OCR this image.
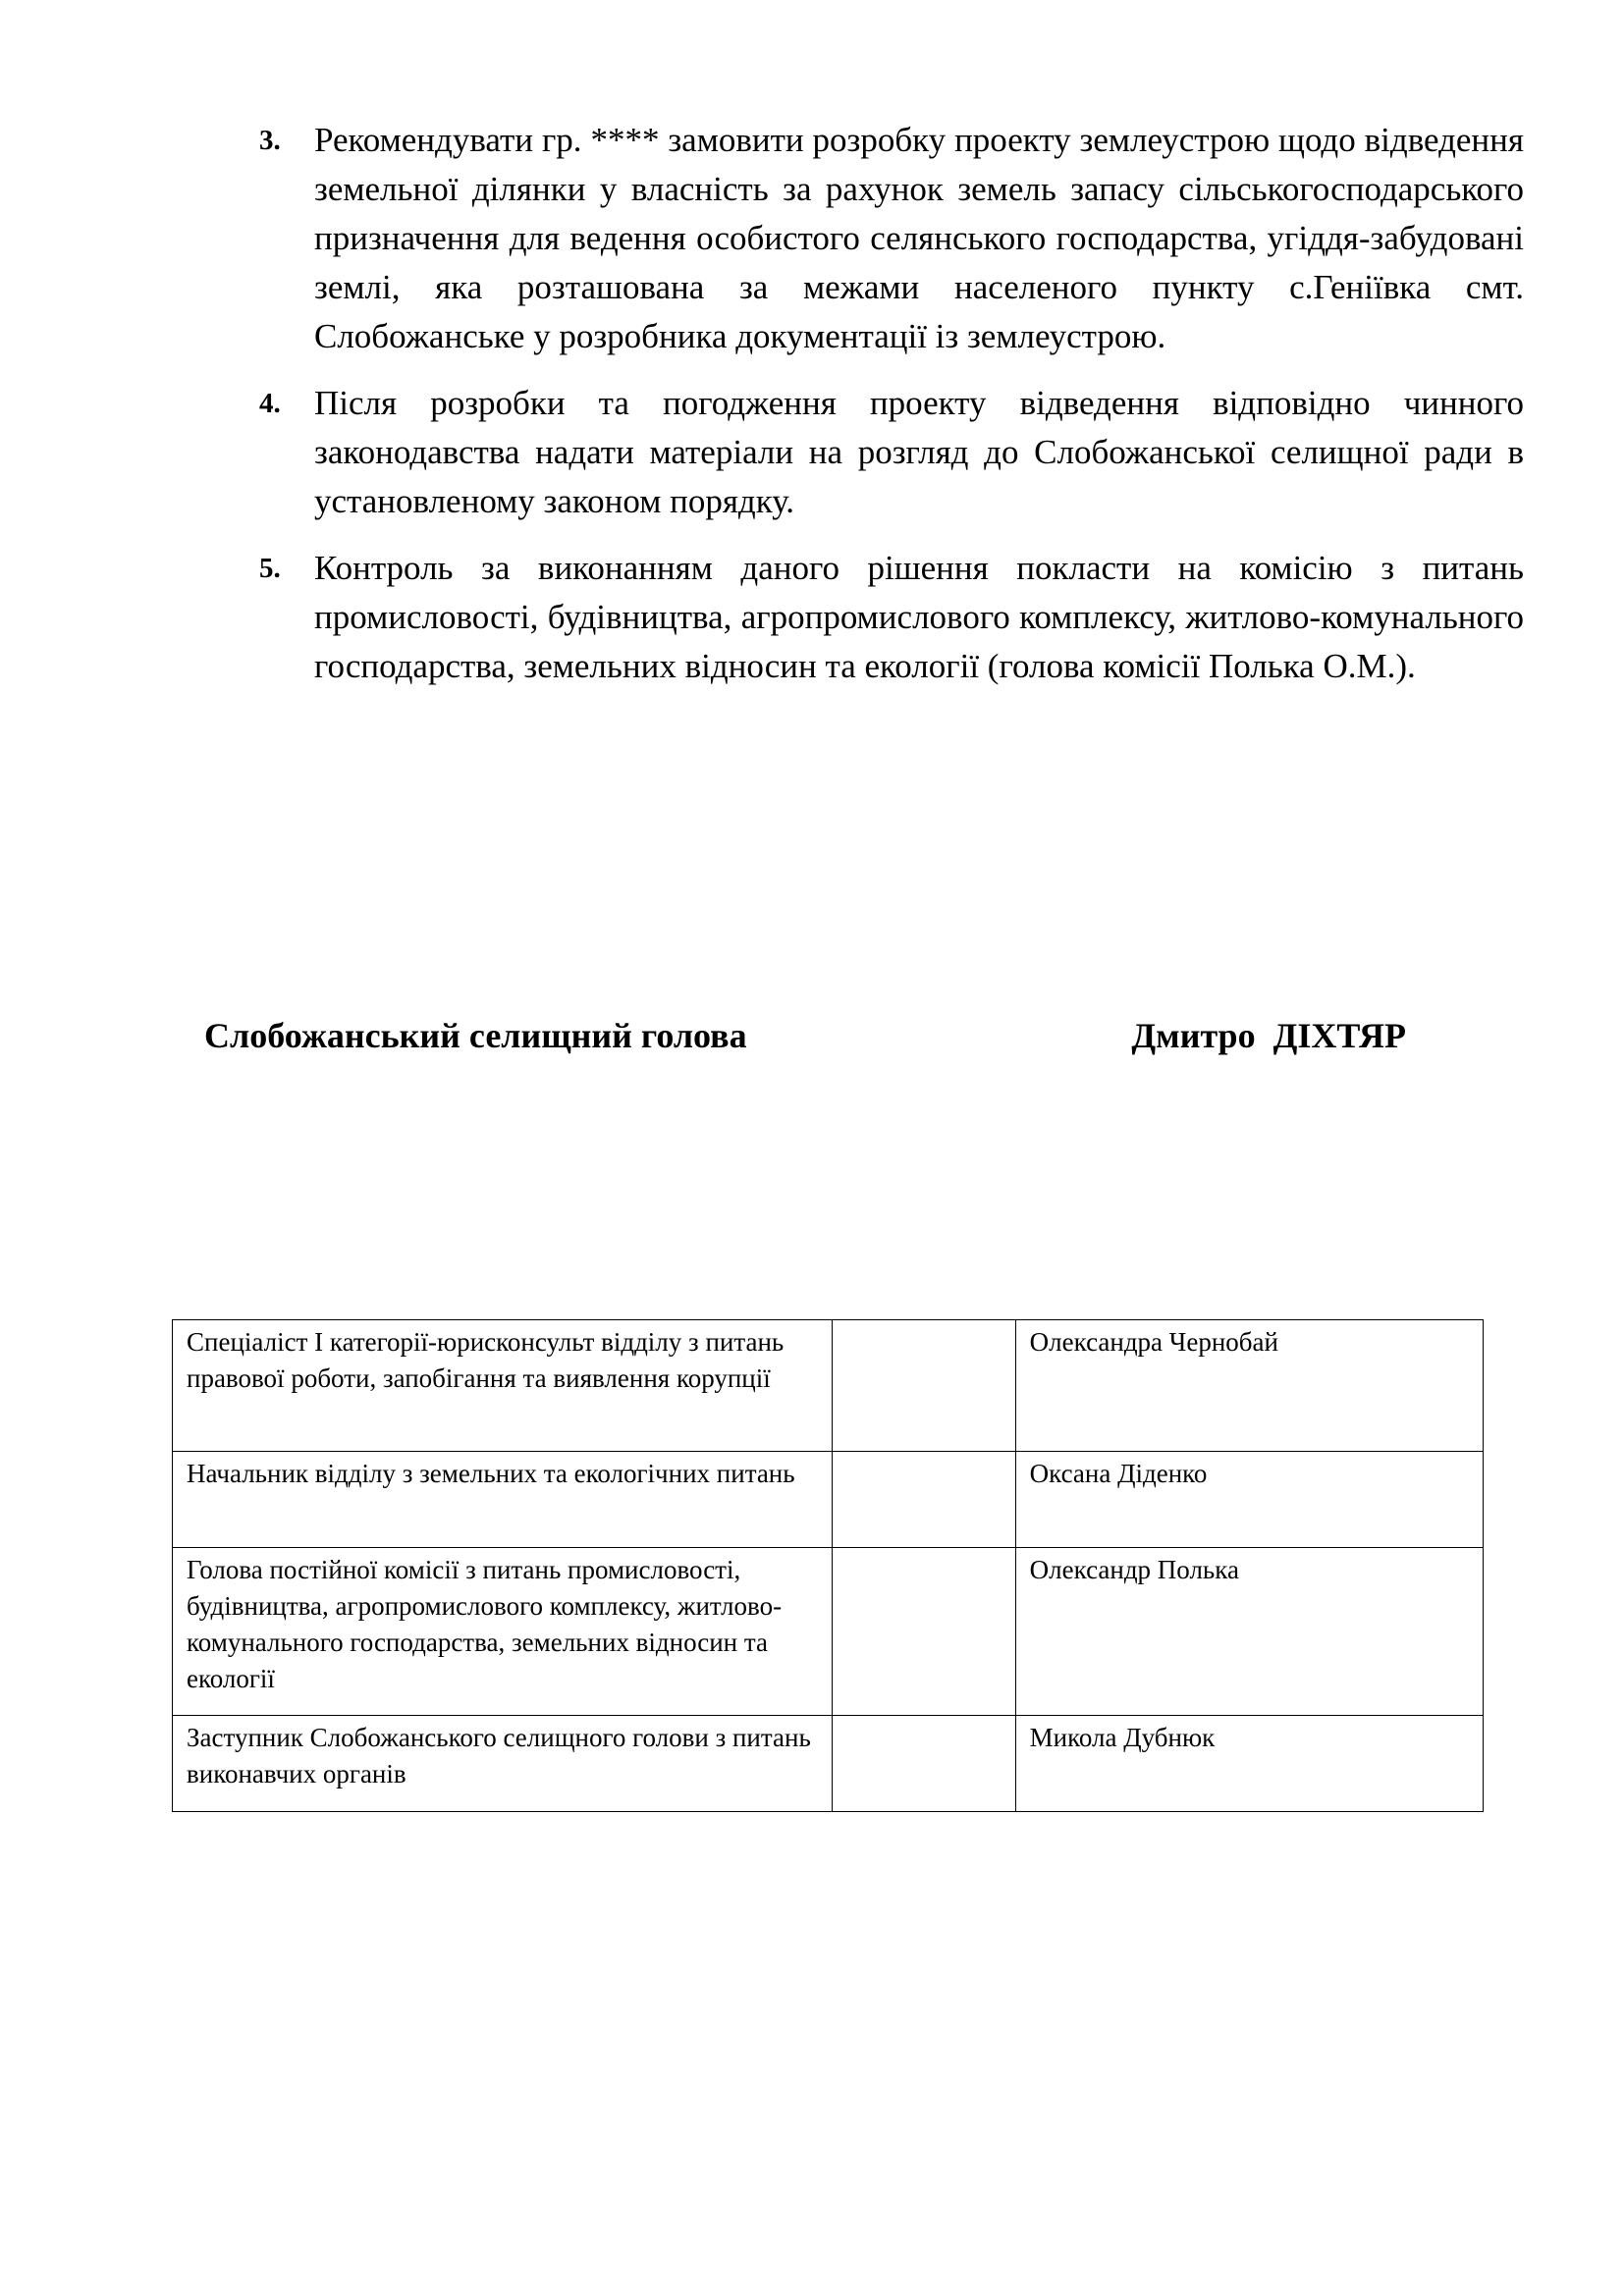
3. Рекомендувати гр. **** замовити розробку проекту землеустрою щодо відведення земельної ділянки у власність за рахунок земель запасу сільськогосподарського призначення для ведення особистого селянського господарства, угіддя-забудовані землі, яка розташована за межами населеного пункту с.Геніївка смт. Слобожанське у розробника документації із землеустрою.
4. Після розробки та погодження проекту відведення відповідно чинного законодавства надати матеріали на розгляд до Слобожанської селищної ради в установленому законом порядку.
5. Контроль за виконанням даного рішення покласти на комісію з питань промисловості, будівництва, агропромислового комплексу, житлово-комунального господарства, земельних відносин та екології (голова комісії Полька О.М.).
Слобожанський селищний голова	Дмитро  ДІХТЯР
Спеціаліст І категорії-юрисконсульт відділу з питань правової роботи, запобігання та виявлення корупції		Олександра Чернобай
Начальник відділу з земельних та екологічних питань		Оксана Діденко
Голова постійної комісії з питань промисловості, будівництва, агропромислового комплексу, житлово-комунального господарства, земельних відносин та екології		Олександр Полька
Заступник Слобожанського селищного голови з питань виконавчих органів		Микола Дубнюк
